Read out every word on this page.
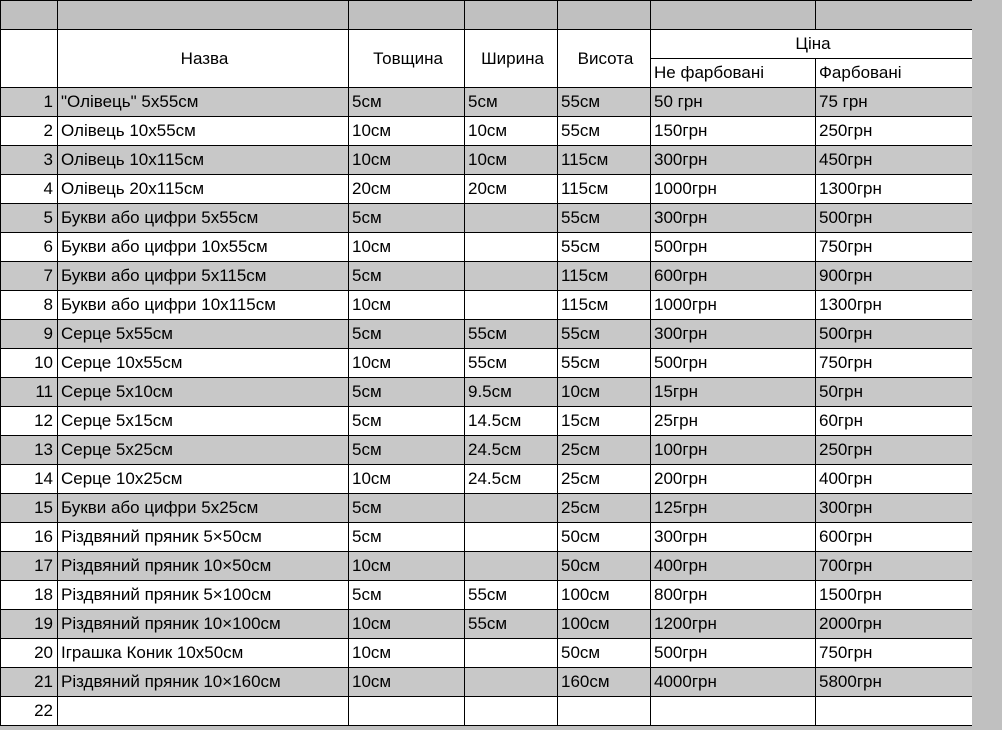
	Назва	Товщина	Ширина	Висота	Ціна	
					Не фарбовані	Фарбовані
1	"Олівець" 5х55см	5см	5см	55см	50 грн	75 грн
2	Олівець 10х55см	10см	10см	55см	150грн	250грн
3	Олівець 10х115см	10см	10см	115см	300грн	450грн
4	Олівець 20х115см	20см	20см	115см	1000грн	1300грн
5	Букви або цифри 5х55см	5см		55см	300грн	500грн
6	Букви або цифри 10х55см	10см		55см	500грн	750грн
7	Букви або цифри 5х115см	5см		115см	600грн	900грн
8	Букви або цифри 10х115см	10см		115см	1000грн	1300грн
9	Серце 5х55см	5см	55см	55см	300грн	500грн
10	Серце 10х55см	10см	55см	55см	500грн	750грн
11	Серце 5х10см	5см	9.5см	10см	15грн	50грн
12	Серце 5х15см	5см	14.5см	15см	25грн	60грн
13	Серце 5х25см	5см	24.5см	25см	100грн	250грн
14	Серце 10х25см	10см	24.5см	25см	200грн	400грн
15	Букви або цифри 5х25см	5см		25см	125грн	300грн
16	Різдвяний пряник 5×50см	5см		50см	300грн	600грн
17	Різдвяний пряник 10×50см	10см		50см	400грн	700грн
18	Різдвяний пряник 5×100см	5см	55см	100см	800грн	1500грн
19	Різдвяний пряник 10×100см	10см	55см	100см	1200грн	2000грн
20	Іграшка Коник 10х50см	10см		50см	500грн	750грн
21	Різдвяний пряник 10×160см	10см		160см	4000грн	5800грн
22						
